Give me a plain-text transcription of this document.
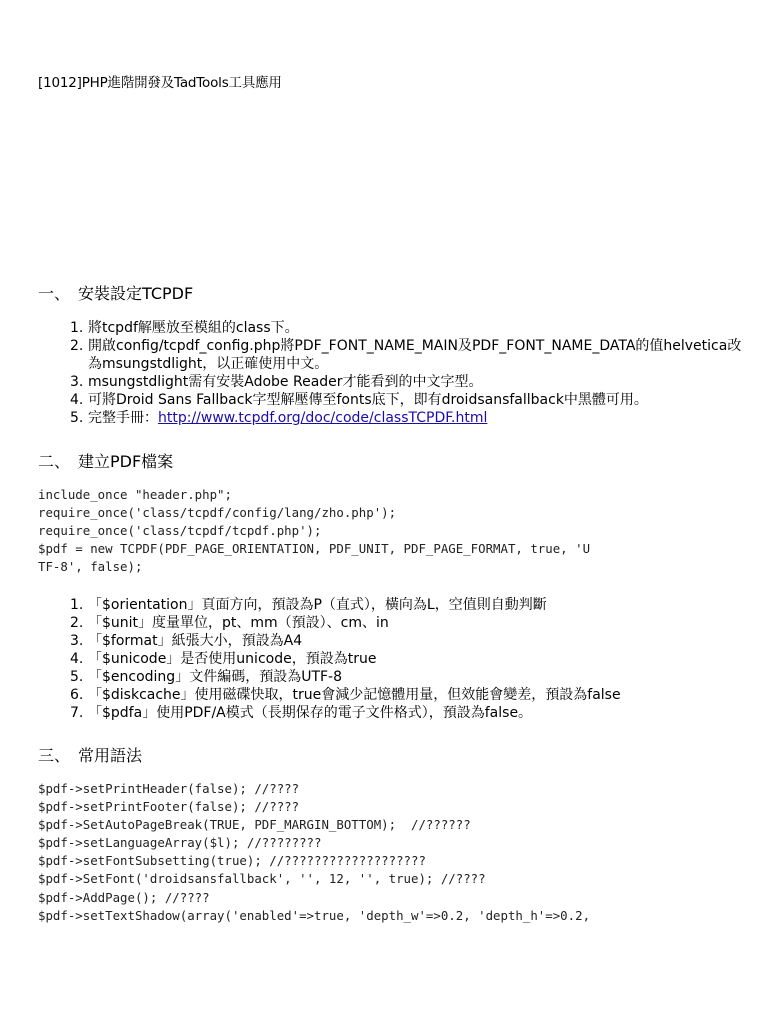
[1012]PHP進階開發及TadTools工具應用
一、 安裝設定TCPDF
1. 將tcpdf解壓放至模組的class下。
2. 開啟config/tcpdf_config.php將PDF_FONT_NAME_MAIN及PDF_FONT_NAME_DATA的值helvetica改為msungstdlight，以正確使用中文。
3. msungstdlight需有安裝Adobe Reader才能看到的中文字型。
4. 可將Droid Sans Fallback字型解壓傳至fonts底下，即有droidsansfallback中黑體可用。
5. 完整手冊：http://www.tcpdf.org/doc/code/classTCPDF.html
二、 建立PDF檔案
include_once "header.php";
require_once('class/tcpdf/config/lang/zho.php');
require_once('class/tcpdf/tcpdf.php');
$pdf = new TCPDF(PDF_PAGE_ORIENTATION, PDF_UNIT, PDF_PAGE_FORMAT, true, 'U
TF-8', false);
1. 「$orientation」頁面方向，預設為P（直式），橫向為L，空值則自動判斷
2. 「$unit」度量單位，pt、mm（預設）、cm、in
3. 「$format」紙張大小，預設為A4
4. 「$unicode」是否使用unicode，預設為true
5. 「$encoding」文件編碼，預設為UTF-8
6. 「$diskcache」使用磁碟快取，true會減少記憶體用量，但效能會變差，預設為false
7. 「$pdfa」使用PDF/A模式（長期保存的電子文件格式），預設為false。
三、 常用語法
$pdf->setPrintHeader(false); //????
$pdf->setPrintFooter(false); //????
$pdf->SetAutoPageBreak(TRUE, PDF_MARGIN_BOTTOM);  //??????
$pdf->setLanguageArray($l); //????????
$pdf->setFontSubsetting(true); //???????????????????
$pdf->SetFont('droidsansfallback', '', 12, '', true); //????
$pdf->AddPage(); //????
$pdf->setTextShadow(array('enabled'=>true, 'depth_w'=>0.2, 'depth_h'=>0.2,
